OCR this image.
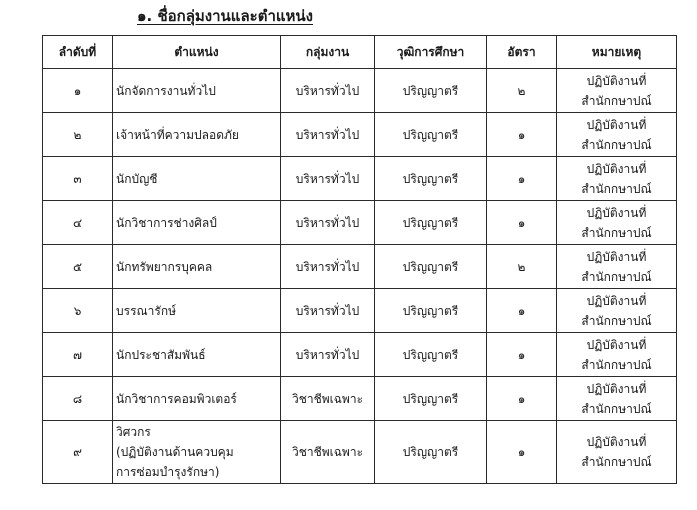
๑. ชื่อกลุ่มงานและตำแหน่ง
ลำดับที่	ตำแหน่ง	กลุ่มงาน	วุฒิการศึกษา	อัตรา	หมายเหตุ
๑	นักจัดการงานทั่วไป	บริหารทั่วไป	ปริญญาตรี	๒	ปฏิบัติงานที่
สำนักกษาปณ์

๒	เจ้าหน้าที่ความปลอดภัย	บริหารทั่วไป	ปริญญาตรี	๑	ปฏิบัติงานที่
สำนักกษาปณ์

๓	นักบัญชี	บริหารทั่วไป	ปริญญาตรี	๑	ปฏิบัติงานที่
สำนักกษาปณ์

๔	นักวิชาการช่างศิลป์	บริหารทั่วไป	ปริญญาตรี	๑	ปฏิบัติงานที่
สำนักกษาปณ์

๕	นักทรัพยากรบุคคล	บริหารทั่วไป	ปริญญาตรี	๒	ปฏิบัติงานที่
สำนักกษาปณ์

๖	บรรณารักษ์	บริหารทั่วไป	ปริญญาตรี	๑	ปฏิบัติงานที่
สำนักกษาปณ์

๗	นักประชาสัมพันธ์	บริหารทั่วไป	ปริญญาตรี	๑	ปฏิบัติงานที่
สำนักกษาปณ์

๘	นักวิชาการคอมพิวเตอร์	วิชาชีพเฉพาะ	ปริญญาตรี	๑	ปฏิบัติงานที่
สำนักกษาปณ์

๙	วิศวกร
(ปฏิบัติงานด้านควบคุม
การซ่อมบำรุงรักษา)	วิชาชีพเฉพาะ	ปริญญาตรี	๑	ปฏิบัติงานที่
สำนักกษาปณ์
